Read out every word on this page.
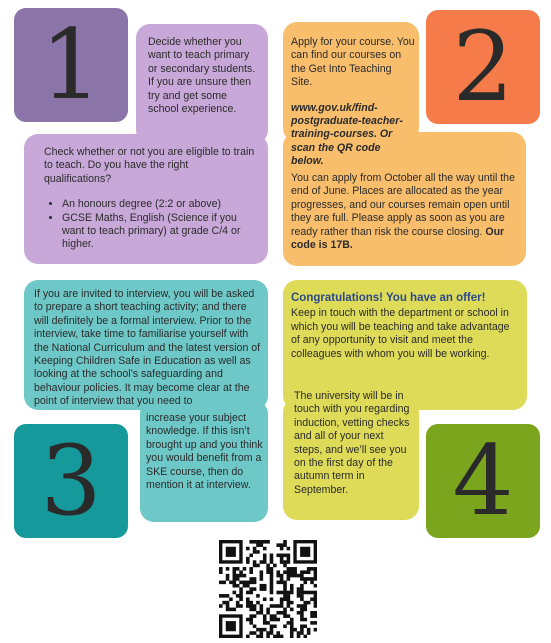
1	Decide whether you want to teach primary or secondary students. If you are unsure then try and get some school experience.

Check whether or not you are eligible to train to teach. Do you have the right qualifications?

• An honours degree (2:2 or above)
• GCSE Maths, English (Science if you want to teach primary) at grade C/4 or higher.
2

Apply for your course. You can find our courses on the Get Into Teaching Site.

www.gov.uk/find-postgraduate-teacher-training-courses. Or scan the QR code below.

You can apply from October all the way until the end of June. Places are allocated as the year progresses, and our courses remain open until they are full. Please apply as soon as you are ready rather than risk the course closing. Our code is 17B.

3

If you are invited to interview, you will be asked to prepare a short teaching activity; and there will definitely be a formal interview. Prior to the interview, take time to familiarise yourself with the National Curriculum and the latest version of Keeping Children Safe in Education as well as looking at the school’s safeguarding and behaviour policies. It may become clear at the point of interview that you need to

increase your subject knowledge. If this isn’t brought up and you think you would benefit from a SKE course, then do mention it at interview. 4

Congratulations! You have an offer!

Keep in touch with the department or school in which you will be teaching and take advantage of any opportunity to visit and meet the colleagues with whom you will be working.

The university will be in touch with you regarding induction, vetting checks and all of your next steps, and we’ll see you on the first day of the autumn term in September.
